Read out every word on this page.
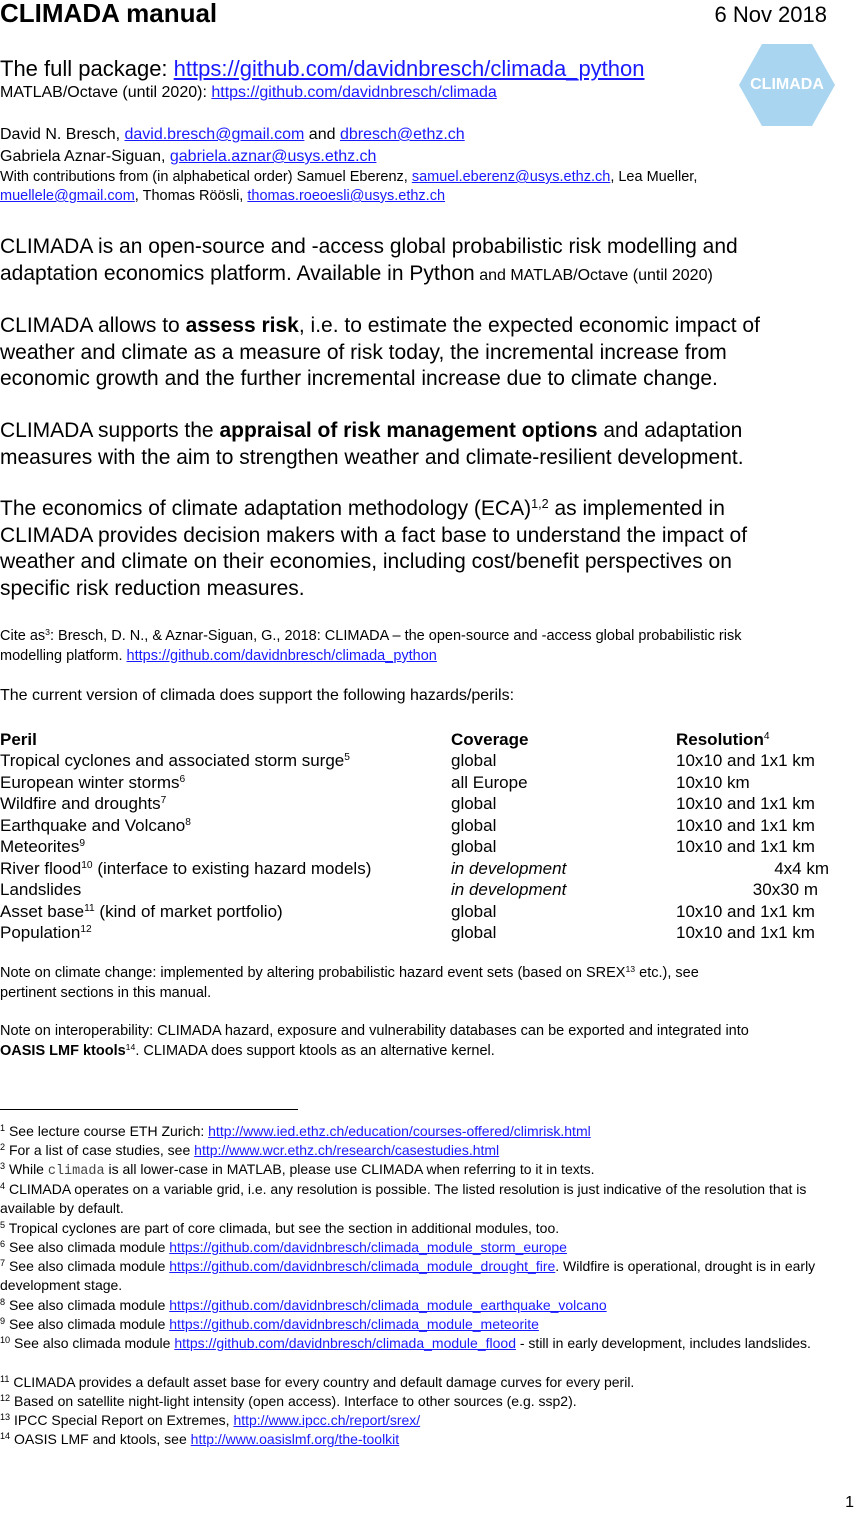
CLIMADA manual	6 Nov 2018
The full package: https://github.com/davidnbresch/climada_python
MATLAB/Octave (until 2020): https://github.com/davidnbresch/climada	CLIMADA
David N. Bresch, david.bresch@gmail.com and dbresch@ethz.ch
Gabriela Aznar-Siguan, gabriela.aznar@usys.ethz.ch
With contributions from (in alphabetical order) Samuel Eberenz, samuel.eberenz@usys.ethz.ch, Lea Mueller,
muellele@gmail.com, Thomas Röösli, thomas.roeoesli@usys.ethz.ch
CLIMADA is an open-source and -access global probabilistic risk modelling and
adaptation economics platform. Available in Python and MATLAB/Octave (until 2020)
CLIMADA allows to assess risk, i.e. to estimate the expected economic impact of
weather and climate as a measure of risk today, the incremental increase from
economic growth and the further incremental increase due to climate change.
CLIMADA supports the appraisal of risk management options and adaptation
measures with the aim to strengthen weather and climate-resilient development.
The economics of climate adaptation methodology (ECA)$^{1,2}$ as implemented in
CLIMADA provides decision makers with a fact base to understand the impact of
weather and climate on their economies, including cost/benefit perspectives on
specific risk reduction measures.
Cite $as^3$: Bresch, D. N., & Aznar-Siguan, G., 2018: CLIMADA – the open-source and -access global probabilistic risk
modelling platform. https://github.com/davidnbresch/climada_python
The current version of climada does support the following hazards/perils:
Peril	Coverage	Resolution$^4$
Tropical cyclones and associated storm surge$^5$	global	10x10 and 1x1 km
European winter storms$^6$	all Europe	10x10 km
Wildfire and droughts$^7$	global	10x10 and 1x1 km
Earthquake and Volcano$^8$	global	10x10 and 1x1 km
Meteorites$^9$	global	10x10 and 1x1 km
River flood$^{10}$ (interface to existing hazard models)	in development	4x4 km
Landslides	in development	30x30 m
Asset base$^{11}$ (kind of market portfolio)	global	10x10 and 1x1 km
Population$^{12}$	global	10x10 and 1x1 km
Note on climate change: implemented by altering probabilistic hazard event sets (based on SREX$^{13}$ etc.), see
pertinent sections in this manual.
Note on interoperability: CLIMADA hazard, exposure and vulnerability databases can be exported and integrated into
OASIS LMF ktools$^{14}$. CLIMADA does support ktools as an alternative kernel.
$^1$ See lecture course ETH Zurich: http://www.ied.ethz.ch/education/courses-offered/climrisk.html
$^2$ For a list of case studies, see http://www.wcr.ethz.ch/research/casestudies.html
$^3$ While climada is all lower-case in MATLAB, please use CLIMADA when referring to it in texts.
$^4$ CLIMADA operates on a variable grid, i.e. any resolution is possible. The listed resolution is just indicative of the resolution that is available by default.
$^5$ Tropical cyclones are part of core climada, but see the section in additional modules, too.
$^6$ See also climada module https://github.com/davidnbresch/climada_module_storm_europe
$^7$ See also climada module https://github.com/davidnbresch/climada_module_drought_fire. Wildfire is operational, drought is in early development stage.
$^8$ See also climada module https://github.com/davidnbresch/climada_module_earthquake_volcano
$^9$ See also climada module https://github.com/davidnbresch/climada_module_meteorite
$^{10}$ See also climada module https://github.com/davidnbresch/climada_module_flood - still in early development, includes landslides.
$^{11}$ CLIMADA provides a default asset base for every country and default damage curves for every peril.
$^{12}$ Based on satellite night-light intensity (open access). Interface to other sources (e.g. ssp2).
$^{13}$ IPCC Special Report on Extremes, http://www.ipcc.ch/report/srex/
$^{14}$ OASIS LMF and ktools, see http://www.oasislmf.org/the-toolkit
1
